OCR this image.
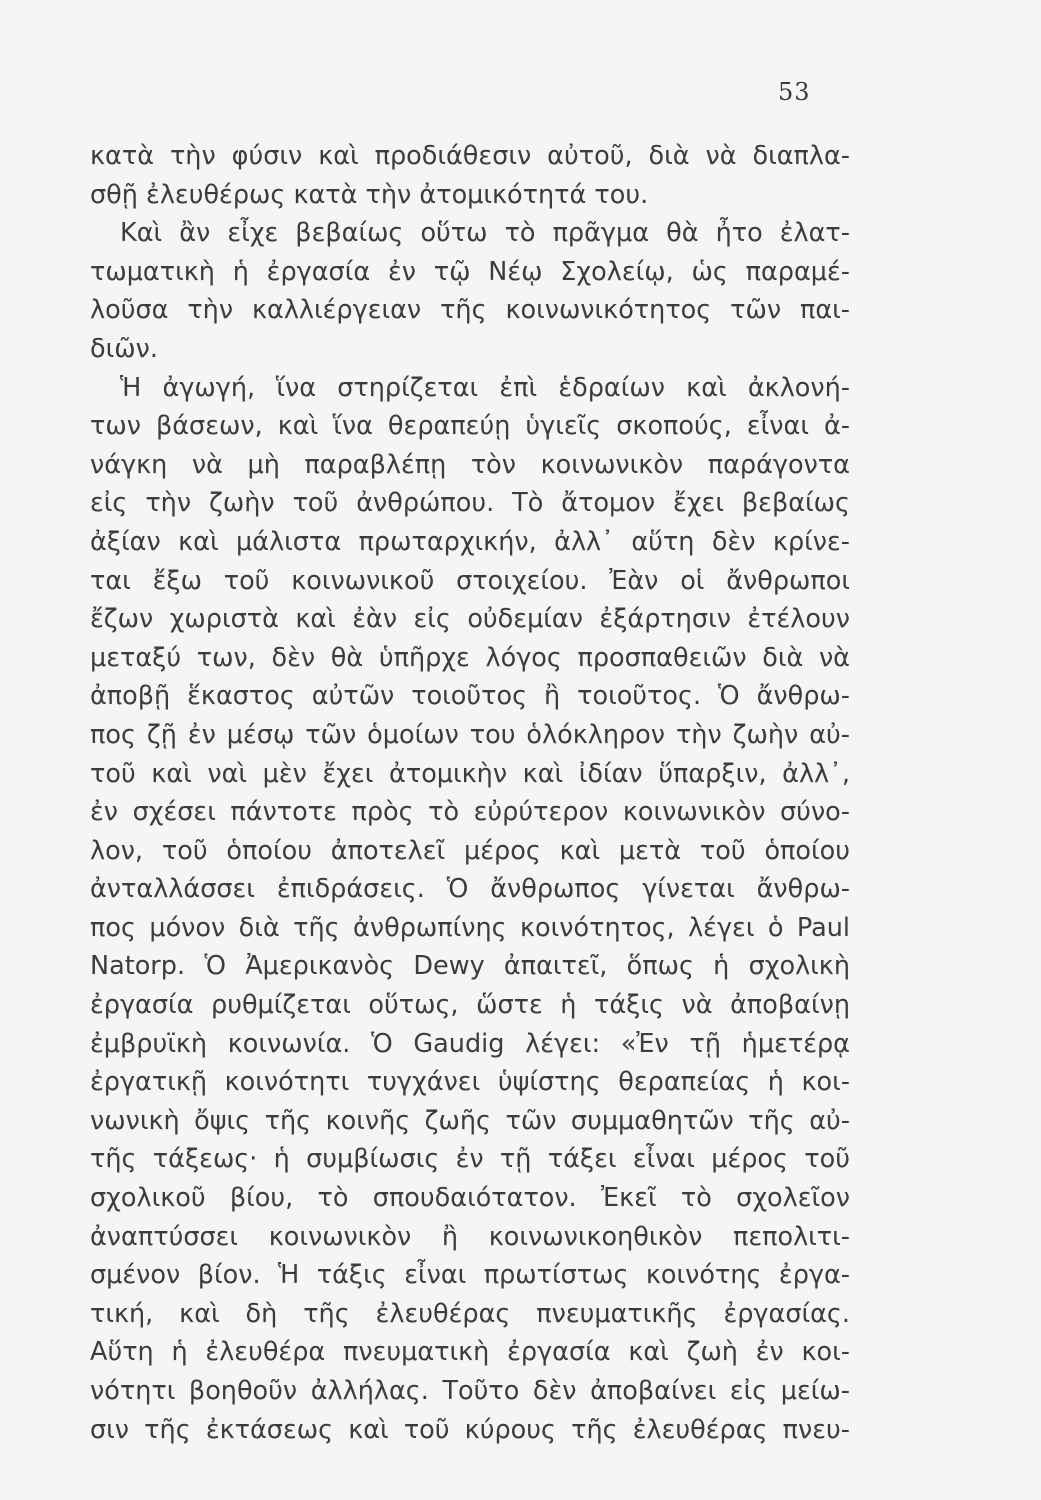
53
κατὰ τὴν φύσιν καὶ προδιάθεσιν αὐτοῦ, διὰ νὰ διαπλα-
σθῇ ἐλευθέρως κατὰ τὴν ἀτομικότητά του.
Καὶ ἂν εἶχε βεβαίως οὕτω τὸ πρᾶγμα θὰ ἦτο ἐλατ-
τωματικὴ ἡ ἐργασία ἐν τῷ Νέῳ Σχολείῳ, ὡς παραμέ-
λοῦσα τὴν καλλιέργειαν τῆς κοινωνικότητος τῶν παι-
διῶν.
Ἡ ἀγωγή, ἵνα στηρίζεται ἐπὶ ἑδραίων καὶ ἀκλονή-
των βάσεων, καὶ ἵνα θεραπεύῃ ὑγιεῖς σκοπούς, εἶναι ἀ-
νάγκη νὰ μὴ παραβλέπῃ τὸν κοινωνικὸν παράγοντα
εἰς τὴν ζωὴν τοῦ ἀνθρώπου. Τὸ ἄτομον ἔχει βεβαίως
ἀξίαν καὶ μάλιστα πρωταρχικήν, ἀλλ᾽ αὕτη δὲν κρίνε-
ται ἔξω τοῦ κοινωνικοῦ στοιχείου. Ἐὰν οἱ ἄνθρωποι
ἔζων χωριστὰ καὶ ἐὰν εἰς οὐδεμίαν ἐξάρτησιν ἐτέλουν
μεταξύ των, δὲν θὰ ὑπῆρχε λόγος προσπαθειῶν διὰ νὰ
ἀποβῇ ἕκαστος αὐτῶν τοιοῦτος ἢ τοιοῦτος. Ὁ ἄνθρω-
πος ζῇ ἐν μέσῳ τῶν ὁμοίων του ὁλόκληρον τὴν ζωὴν αὐ-
τοῦ καὶ ναὶ μὲν ἔχει ἀτομικὴν καὶ ἰδίαν ὕπαρξιν, ἀλλ᾽,
ἐν σχέσει πάντοτε πρὸς τὸ εὐρύτερον κοινωνικὸν σύνο-
λον, τοῦ ὁποίου ἀποτελεῖ μέρος καὶ μετὰ τοῦ ὁποίου
ἀνταλλάσσει ἐπιδράσεις. Ὁ ἄνθρωπος γίνεται ἄνθρω-
πος μόνον διὰ τῆς ἀνθρωπίνης κοινότητος, λέγει ὁ Paul
Natorp. Ὁ Ἀμερικανὸς Dewy ἀπαιτεῖ, ὅπως ἡ σχολικὴ
ἐργασία ρυθμίζεται οὕτως, ὥστε ἡ τάξις νὰ ἀποβαίνῃ
ἐμβρυϊκὴ κοινωνία. Ὁ Gaudig λέγει: «Ἐν τῇ ἡμετέρᾳ
ἐργατικῇ κοινότητι τυγχάνει ὑψίστης θεραπείας ἡ κοι-
νωνικὴ ὄψις τῆς κοινῆς ζωῆς τῶν συμμαθητῶν τῆς αὐ-
τῆς τάξεως· ἡ συμβίωσις ἐν τῇ τάξει εἶναι μέρος τοῦ
σχολικοῦ βίου, τὸ σπουδαιότατον. Ἐκεῖ τὸ σχολεῖον
ἀναπτύσσει κοινωνικὸν ἢ κοινωνικοηθικὸν πεπολιτι-
σμένον βίον. Ἡ τάξις εἶναι πρωτίστως κοινότης ἐργα-
τική, καὶ δὴ τῆς ἐλευθέρας πνευματικῆς ἐργασίας.
Αὕτη ἡ ἐλευθέρα πνευματικὴ ἐργασία καὶ ζωὴ ἐν κοι-
νότητι βοηθοῦν ἀλλήλας. Τοῦτο δὲν ἀποβαίνει εἰς μείω-
σιν τῆς ἐκτάσεως καὶ τοῦ κύρους τῆς ἐλευθέρας πνευ-
